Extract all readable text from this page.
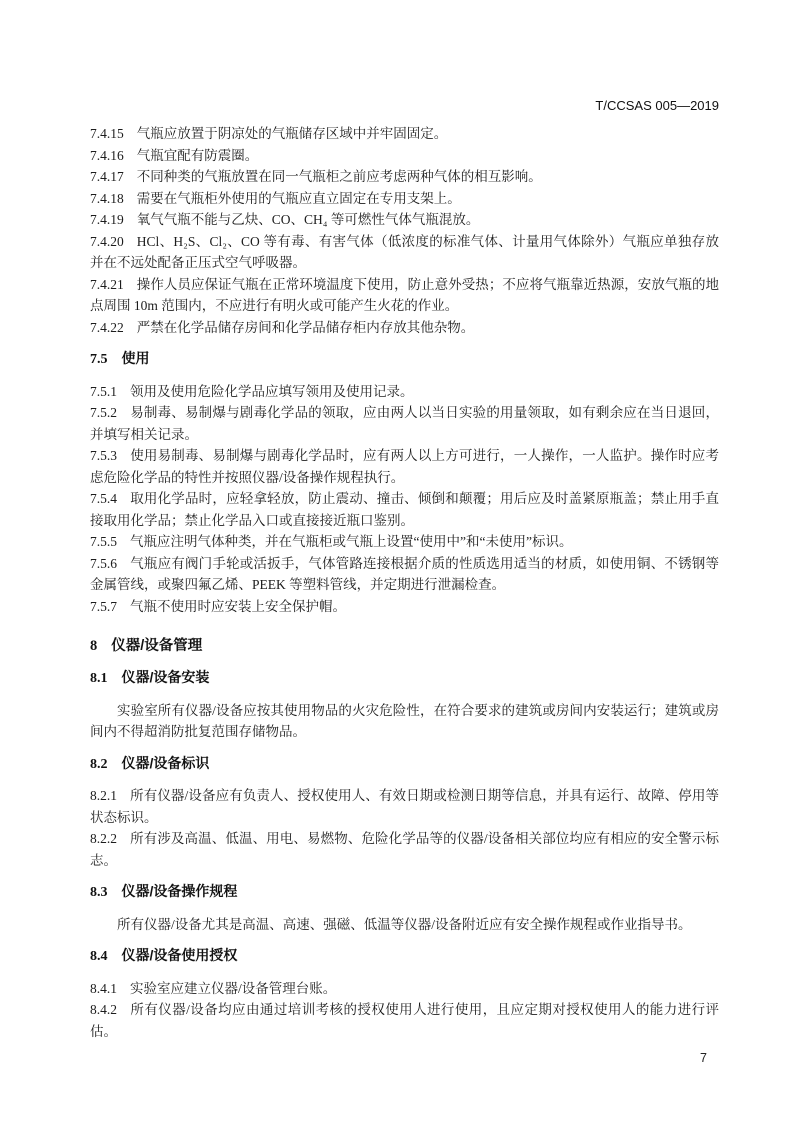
T/CCSAS 005—2019
7.4.15 气瓶应放置于阴凉处的气瓶储存区域中并牢固固定。
7.4.16 气瓶宜配有防震圈。
7.4.17 不同种类的气瓶放置在同一气瓶柜之前应考虑两种气体的相互影响。
7.4.18 需要在气瓶柜外使用的气瓶应直立固定在专用支架上。
7.4.19 氧气气瓶不能与乙炔、CO、CH₄ 等可燃性气体气瓶混放。
7.4.20 HCl、H₂S、Cl₂、CO 等有毒、有害气体（低浓度的标准气体、计量用气体除外）气瓶应单独存放并在不远处配备正压式空气呼吸器。
7.4.21 操作人员应保证气瓶在正常环境温度下使用，防止意外受热；不应将气瓶靠近热源，安放气瓶的地点周围 10m 范围内，不应进行有明火或可能产生火花的作业。
7.4.22 严禁在化学品储存房间和化学品储存柜内存放其他杂物。
7.5 使用
7.5.1 领用及使用危险化学品应填写领用及使用记录。
7.5.2 易制毒、易制爆与剧毒化学品的领取，应由两人以当日实验的用量领取，如有剩余应在当日退回，并填写相关记录。
7.5.3 使用易制毒、易制爆与剧毒化学品时，应有两人以上方可进行，一人操作，一人监护。操作时应考虑危险化学品的特性并按照仪器/设备操作规程执行。
7.5.4 取用化学品时，应轻拿轻放，防止震动、撞击、倾倒和颠覆；用后应及时盖紧原瓶盖；禁止用手直接取用化学品；禁止化学品入口或直接接近瓶口鉴别。
7.5.5 气瓶应注明气体种类，并在气瓶柜或气瓶上设置“使用中”和“未使用”标识。
7.5.6 气瓶应有阀门手轮或活扳手，气体管路连接根据介质的性质选用适当的材质，如使用铜、不锈钢等金属管线，或聚四氟乙烯、PEEK 等塑料管线，并定期进行泄漏检查。
7.5.7 气瓶不使用时应安装上安全保护帽。
8 仪器/设备管理
8.1 仪器/设备安装
实验室所有仪器/设备应按其使用物品的火灾危险性，在符合要求的建筑或房间内安装运行；建筑或房间内不得超消防批复范围存储物品。
8.2 仪器/设备标识
8.2.1 所有仪器/设备应有负责人、授权使用人、有效日期或检测日期等信息，并具有运行、故障、停用等状态标识。
8.2.2 所有涉及高温、低温、用电、易燃物、危险化学品等的仪器/设备相关部位均应有相应的安全警示标志。
8.3 仪器/设备操作规程
所有仪器/设备尤其是高温、高速、强磁、低温等仪器/设备附近应有安全操作规程或作业指导书。
8.4 仪器/设备使用授权
8.4.1 实验室应建立仪器/设备管理台账。
8.4.2 所有仪器/设备均应由通过培训考核的授权使用人进行使用，且应定期对授权使用人的能力进行评估。
7
